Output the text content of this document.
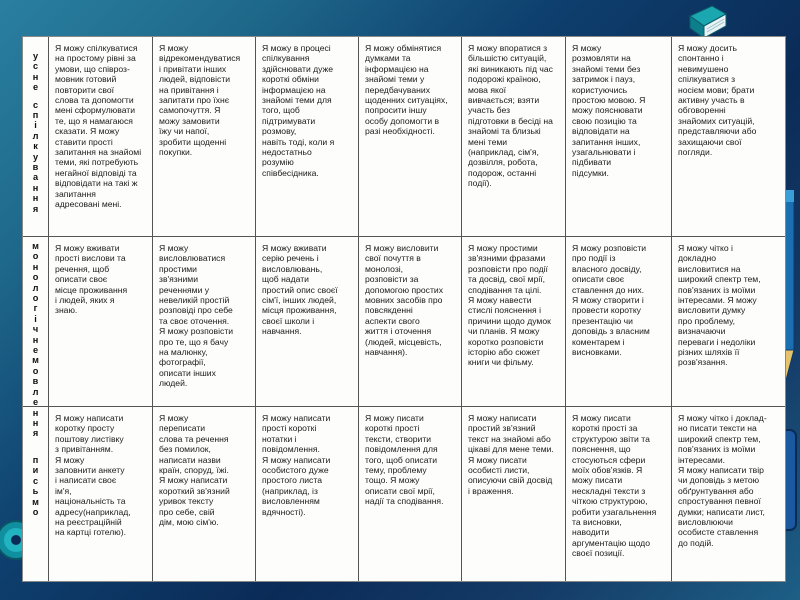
у
с
н
е
с
п
і
л
к
у
в
а
н
н
я
Я можу спілкуватися
на простому рівні за
умови, що співроз-
мовник готовий
повторити свої
слова та допомогти
мені сформулювати
те, що я намагаюся
сказати. Я можу
ставити прості
запитання на знайомі
теми, які потребують
негайної відповіді та
відповідати на такі ж
запитання
адресовані мені.
Я можу
відрекомендуватися
і привітати інших
людей, відповісти
на привітання і
запитати про їхнє
самопочуття. Я
можу замовити
їжу чи напої,
зробити щоденні
покупки.
Я можу в процесі
спілкування
здійснювати дуже
короткі обміни
інформацією на
знайомі теми для
того, щоб
підтримувати
розмову,
навіть тоді, коли я
недостатньо
розумію
співбесідника.
Я можу обмінятися
думками та
інформацією на
знайомі теми у
передбачуваних
щоденних ситуаціях,
попросити іншу
особу допомогти в
разі необхідності.
Я можу впоратися з
більшістю ситуацій,
які виникають під час
подорожі країною,
мова якої
вивчається; взяти
участь без
підготовки в бесіді на
знайомі та близькі
мені теми
(наприклад, сім'я,
дозвілля, робота,
подорож, останні
події).
Я можу
розмовляти на
знайомі теми без
затримок і пауз,
користуючись
простою мовою. Я
можу пояснювати
свою позицію та
відповідати на
запитання інших,
узагальнювати і
підбивати
підсумки.
Я можу досить
спонтанно і
невимушено
спілкуватися з
носієм мови; брати
активну участь в
обговоренні
знайомих ситуацій,
представляючи або
захищаючи свої
погляди.
м
о
н
о
л
о
г
і
ч
н
е
м
о
в
л
е
н
н
я
Я можу вживати
прості вислови та
речення, щоб
описати своє
місце проживання
і людей, яких я
знаю.
Я можу
висловлюватися
простими
зв'язними
реченнями у
невеликій простій
розповіді про себе
та своє оточення.
Я можу розповісти
про те, що я бачу
на малюнку,
фотографії,
описати інших
людей.
Я можу вживати
серію речень і
висловлювань,
щоб надати
простий опис своєї
сім'ї, інших людей,
місця проживання,
своєї школи і
навчання.
Я можу висловити
свої почуття в
монолозі,
розповісти за
допомогою простих
мовних засобів про
повсякденні
аспекти свого
життя і оточення
(людей, місцевість,
навчання).
Я можу простими
зв'язними фразами
розповісти про події
та досвід, свої мрії,
сподівання та цілі.
Я можу навести
стислі пояснення і
причини щодо думок
чи планів. Я можу
коротко розповісти
історію або сюжет
книги чи фільму.
Я можу розповісти
про події із
власного досвіду,
описати своє
ставлення до них.
Я можу створити і
провести коротку
презентацію чи
доповідь з власним
коментарем і
висновками.
Я можу чітко і
докладно
висловитися на
широкий спектр тем,
пов'язаних із моїми
інтересами. Я можу
висловити думку
про проблему,
визначаючи
переваги і недоліки
різних шляхів її
розв'язання.
п
и
с
ь
м
о
Я можу написати
коротку просту
поштову листівку
з привітанням.
Я можу
заповнити анкету
і написати своє
ім'я,
національність та
адресу(наприклад,
на реєстраційній
на картці готелю).
Я можу
переписати
слова та речення
без помилок,
написати назви
країн, споруд, їжі.
Я можу написати
короткий зв'язний
уривок тексту
про себе, свій
дім, мою сім'ю.
Я можу написати
прості короткі
нотатки і
повідомлення.
Я можу написати
особистого дуже
простого листа
(наприклад, із
висловленням
вдячності).
Я можу писати
короткі прості
тексти, створити
повідомлення для
того, щоб описати
тему, проблему
тощо. Я можу
описати свої мрії,
надії та сподівання.
Я можу написати
простий зв'язний
текст на знайомі або
цікаві для мене теми.
Я можу писати
особисті листи,
описуючи свій досвід
і враження.
Я можу писати
короткі прості за
структурою звіти та
пояснення, що
стосуються сфери
моїх обов'язків. Я
можу писати
нескладні тексти з
чіткою структурою,
робити узагальнення
та висновки,
наводити
аргументацію щодо
своєї позиції.
Я можу чітко і доклад-
но писати тексти на
широкий спектр тем,
пов'язаних із моїми
інтересами.
Я можу написати твір
чи доповідь з метою
обґрунтування або
спростування певної
думки; написати лист,
висловлюючи
особисте ставлення
до подій.
